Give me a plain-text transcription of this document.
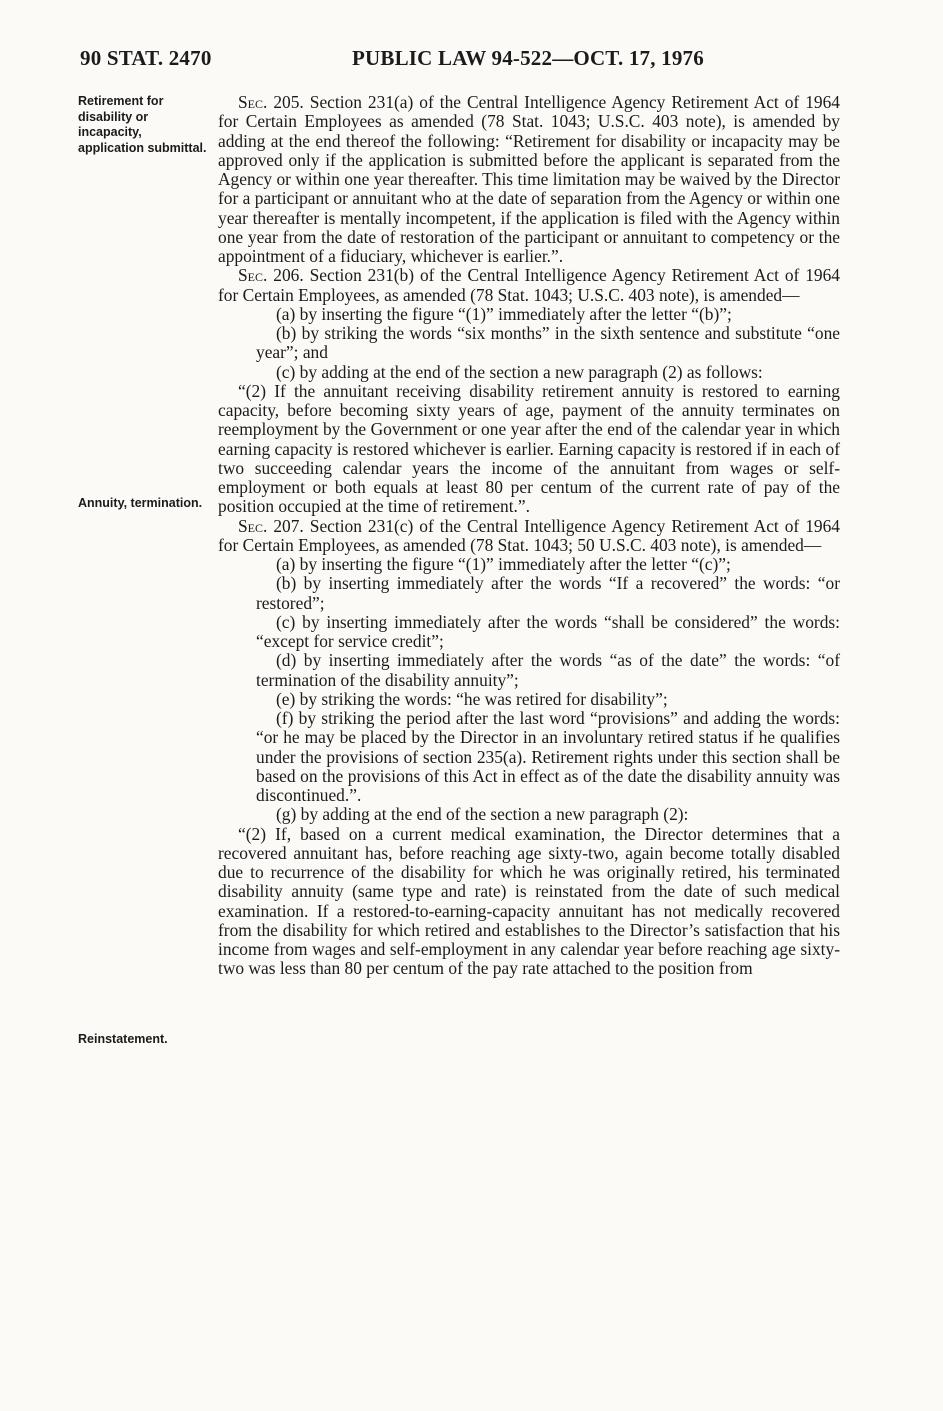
90 STAT. 2470	PUBLIC LAW 94-522—OCT. 17, 1976
Retirement for disability or incapacity, application submittal.
Annuity, termination.
Reinstatement.

Sec. 205. Section 231(a) of the Central Intelligence Agency Retirement Act of 1964 for Certain Employees as amended (78 Stat. 1043; U.S.C. 403 note), is amended by adding at the end thereof the following: “Retirement for disability or incapacity may be approved only if the application is submitted before the applicant is separated from the Agency or within one year thereafter. This time limitation may be waived by the Director for a participant or annuitant who at the date of separation from the Agency or within one year thereafter is mentally incompetent, if the application is filed with the Agency within one year from the date of restoration of the participant or annuitant to competency or the appointment of a fiduciary, whichever is earlier.”.

Sec. 206. Section 231(b) of the Central Intelligence Agency Retirement Act of 1964 for Certain Employees, as amended (78 Stat. 1043; U.S.C. 403 note), is amended—

(a) by inserting the figure “(1)” immediately after the letter “(b)”;

(b) by striking the words “six months” in the sixth sentence and substitute “one year”; and

(c) by adding at the end of the section a new paragraph (2) as follows:

“(2) If the annuitant receiving disability retirement annuity is restored to earning capacity, before becoming sixty years of age, payment of the annuity terminates on reemployment by the Government or one year after the end of the calendar year in which earning capacity is restored whichever is earlier. Earning capacity is restored if in each of two succeeding calendar years the income of the annuitant from wages or self-employment or both equals at least 80 per centum of the current rate of pay of the position occupied at the time of retirement.”.

Sec. 207. Section 231(c) of the Central Intelligence Agency Retirement Act of 1964 for Certain Employees, as amended (78 Stat. 1043; 50 U.S.C. 403 note), is amended—

(a) by inserting the figure “(1)” immediately after the letter “(c)”;

(b) by inserting immediately after the words “If a recovered” the words: “or restored”;

(c) by inserting immediately after the words “shall be considered” the words: “except for service credit”;

(d) by inserting immediately after the words “as of the date” the words: “of termination of the disability annuity”;

(e) by striking the words: “he was retired for disability”;

(f) by striking the period after the last word “provisions” and adding the words: “or he may be placed by the Director in an involuntary retired status if he qualifies under the provisions of section 235(a). Retirement rights under this section shall be based on the provisions of this Act in effect as of the date the disability annuity was discontinued.”.

(g) by adding at the end of the section a new paragraph (2):

“(2) If, based on a current medical examination, the Director determines that a recovered annuitant has, before reaching age sixty-two, again become totally disabled due to recurrence of the disability for which he was originally retired, his terminated disability annuity (same type and rate) is reinstated from the date of such medical examination. If a restored-to-earning-capacity annuitant has not medically recovered from the disability for which retired and establishes to the Director’s satisfaction that his income from wages and self-employment in any calendar year before reaching age sixty-two was less than 80 per centum of the pay rate attached to the position from
